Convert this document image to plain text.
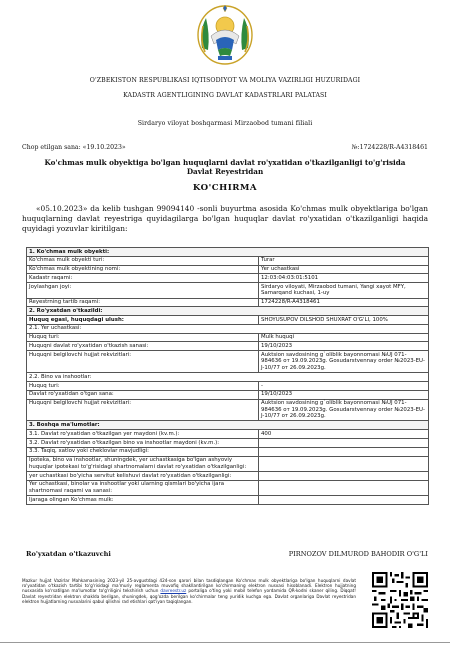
O'ZBEKISTON RESPUBLIKASI IQTISODIYOT VA MOLIYA VAZIRLIGI HUZURIDAGI
KADASTR AGENTLIGINING DAVLAT KADASTRLARI PALATASI
Sirdaryo viloyat boshqarmasi Mirzaobod tumani filiali
Chop etilgan sana: «19.10.2023»	№:1724228/R-A4318461
Ko'chmas mulk obyektiga bo'lgan huquqlarni davlat ro'yxatidan o'tkazilganligi to'g'risida Davlat Reyestridan
KO'CHIRMA
«05.10.2023» da kelib tushgan 99094140 -sonli buyurtma asosida Ko'chmas mulk obyektlariga bo'lgan huquqlarning davlat reyestriga quyidagilarga bo'lgan huquqlar davlat ro'yxatidan o'tkazilganligi haqida quyidagi yozuvlar kiritilgan:
1. Ko'chmas mulk obyekti:	
Ko'chmas mulk obyekti turi:	Turar
Ko'chmas mulk obyektining nomi:	Yer uchastkasi
Kadastr raqami:	12:03:04:03:01:5101
Joylashgan joyi:	Sirdaryo viloyati, Mirzaobod tumani, Yangi xayot MFY, Samarqand kuchasi, 1-uy
Reyestrning tartib raqami:	1724228/R-A4318461
2. Ro'yxatdan o'tkazildi:	
Huquq egasi, huquqdagi ulush:	SHOYUSUPOV DILSHOD SHUXRAT O'G'LI, 100%
2.1. Yer uchastkasi:	
Huquq turi:	Mulk huquqi
Huquqni davlat ro'yxatidan o'tkazish sanasi:	19/10/2023
Huquqni belgilovchi hujjat rekvizitlari:	Auktsion savdosining g`oliblik bayonnomasi №UJ 071-984636 от 19.09.2023g. Gosudarstvennay order №2023-EU-J-10/77 от 26.09.2023g.
2.2. Bino va inshootlar:	
Huquq turi:	-
Davlat ro'yxatidan o'tgan sana:	19/10/2023
Huquqni belgilovchi hujjat rekvizitlari:	Auktsion savdosining g`oliblik bayonnomasi №UJ 071-984636 от 19.09.2023g. Gosudarstvennay order №2023-EU-J-10/77 от 26.09.2023g.
3. Boshqa ma'lumotlar:	
3.1. Davlat ro'yxatidan o'tkazilgan yer maydoni (kv.m.):	400
3.2. Davlat ro'yxatidan o'tkazilgan bino va inshootlar maydoni (kv.m.):	
3.3. Taqiq, xatlov yoki cheklovlar mavjudligi:	
Ipoteka, bino va inshootlar, shuningdek, yer uchastkasiga bo'lgan ashyoviy huquqlar ipotekasi to'g'risidagi shartnomalarni davlat ro'yxatidan o'tkazilganligi:	
yer uchastkasi bo'yicha servitut kelishuvi davlat ro'yxatidan o'tkazilganligi:	
Yer uchastkasi, binolar va inshootlar yoki ularning qismlari bo'yicha ijara shartnomasi raqami va sanasi:	
Ijaraga olingan Ko'chmas mulk:	
Ro'yxatdan o'tkazuvchi	PIRNOZOV DILMUROD BAHODIR O'G'LI
Mazkur hujjat Vazirlar Mahkamasining 2023-yil 25-avgustdagi 424-son qarori bilan tasdiqlangan Ko'chmas mulk obyektlariga bo'lgan huquqlarni davlat ro'yxatidan o'tkazish tartibi to'g'risidagi ma'muriy reglamenta muvofiq shakllantirilgan ko'chirmaning elektron nusxasi hisoblanadi. Elektron hujjatning nusxasida ko'rsatilgan ma'lumotlar to'g'riligini tekshirish uchun davreestr.uz portaliga o'ting yoki mobil telefon yordamida QR-kodni skaner qiling. Diqqat! Davlat reyestridan elektron shaklda berilgan, shuningdek, qog'ozda berilgan ko'chirmalar teng yuridik kuchga ega. Davlat organlariga Davlat reyestridan elektron hujjatlarning nusxalarini qabul qilishni rad etishlari qat'iyan taqiqlangan.
